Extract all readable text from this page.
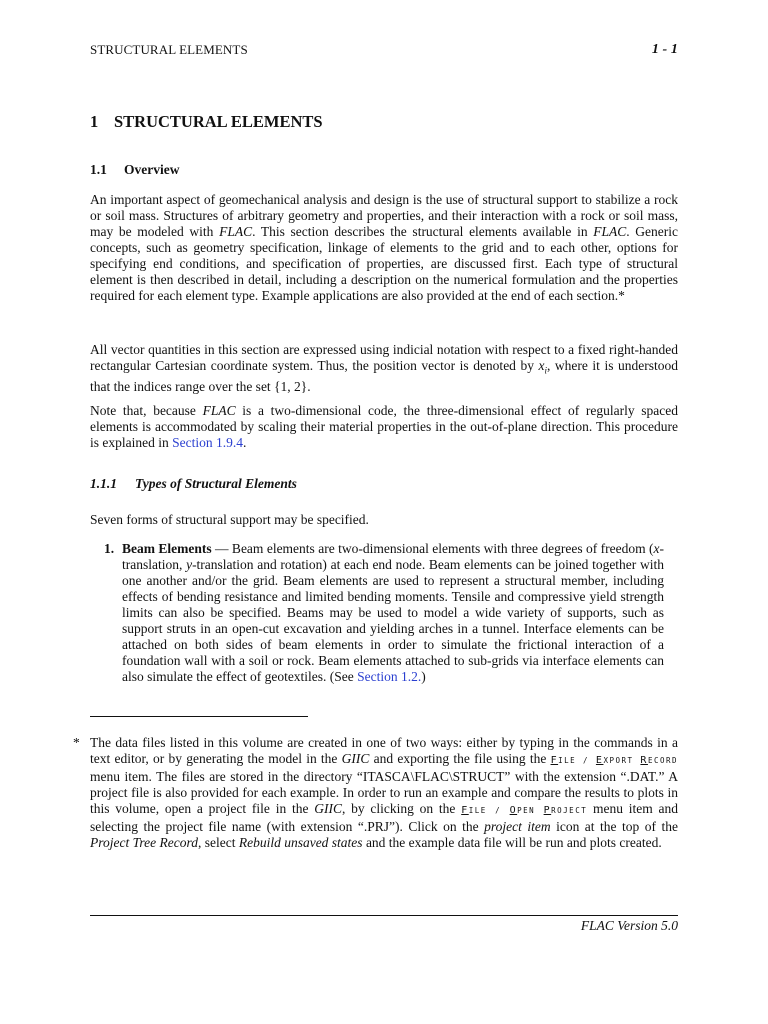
STRUCTURAL ELEMENTS	1 - 1
1 STRUCTURAL ELEMENTS
1.1 Overview

An important aspect of geomechanical analysis and design is the use of structural support to stabilize a rock or soil mass. Structures of arbitrary geometry and properties, and their interaction with a rock or soil mass, may be modeled with FLAC. This section describes the structural elements available in FLAC. Generic concepts, such as geometry specification, linkage of elements to the grid and to each other, options for specifying end conditions, and specification of properties, are discussed first. Each type of structural element is then described in detail, including a description on the numerical formulation and the properties required for each element type. Example applications are also provided at the end of each section.*

All vector quantities in this section are expressed using indicial notation with respect to a fixed right-handed rectangular Cartesian coordinate system. Thus, the position vector is denoted by $x_i$, where it is understood that the indices range over the set {1, 2}.

Note that, because FLAC is a two-dimensional code, the three-dimensional effect of regularly spaced elements is accommodated by scaling their material properties in the out-of-plane direction. This procedure is explained in Section 1.9.4.

1.1.1 Types of Structural Elements

Seven forms of structural support may be specified.

1. Beam Elements — Beam elements are two-dimensional elements with three degrees of freedom (x-translation, y-translation and rotation) at each end node. Beam elements can be joined together with one another and/or the grid. Beam elements are used to represent a structural member, including effects of bending resistance and limited bending moments. Tensile and compressive yield strength limits can also be specified. Beams may be used to model a wide variety of supports, such as support struts in an open-cut excavation and yielding arches in a tunnel. Interface elements can be attached on both sides of beam elements in order to simulate the frictional interaction of a foundation wall with a soil or rock. Beam elements attached to sub-grids via interface elements can also simulate the effect of geotextiles. (See Section 1.2.)
* The data files listed in this volume are created in one of two ways: either by typing in the commands in a text editor, or by generating the model in the GIIC and exporting the file using the FILE / EXPORT RECORD menu item. The files are stored in the directory “ITASCA\FLAC\STRUCT” with the extension “.DAT.” A project file is also provided for each example. In order to run an example and compare the results to plots in this volume, open a project file in the GIIC, by clicking on the FILE / OPEN PROJECT menu item and selecting the project file name (with extension “.PRJ”). Click on the project item icon at the top of the Project Tree Record, select Rebuild unsaved states and the example data file will be run and plots created.
FLAC Version 5.0
